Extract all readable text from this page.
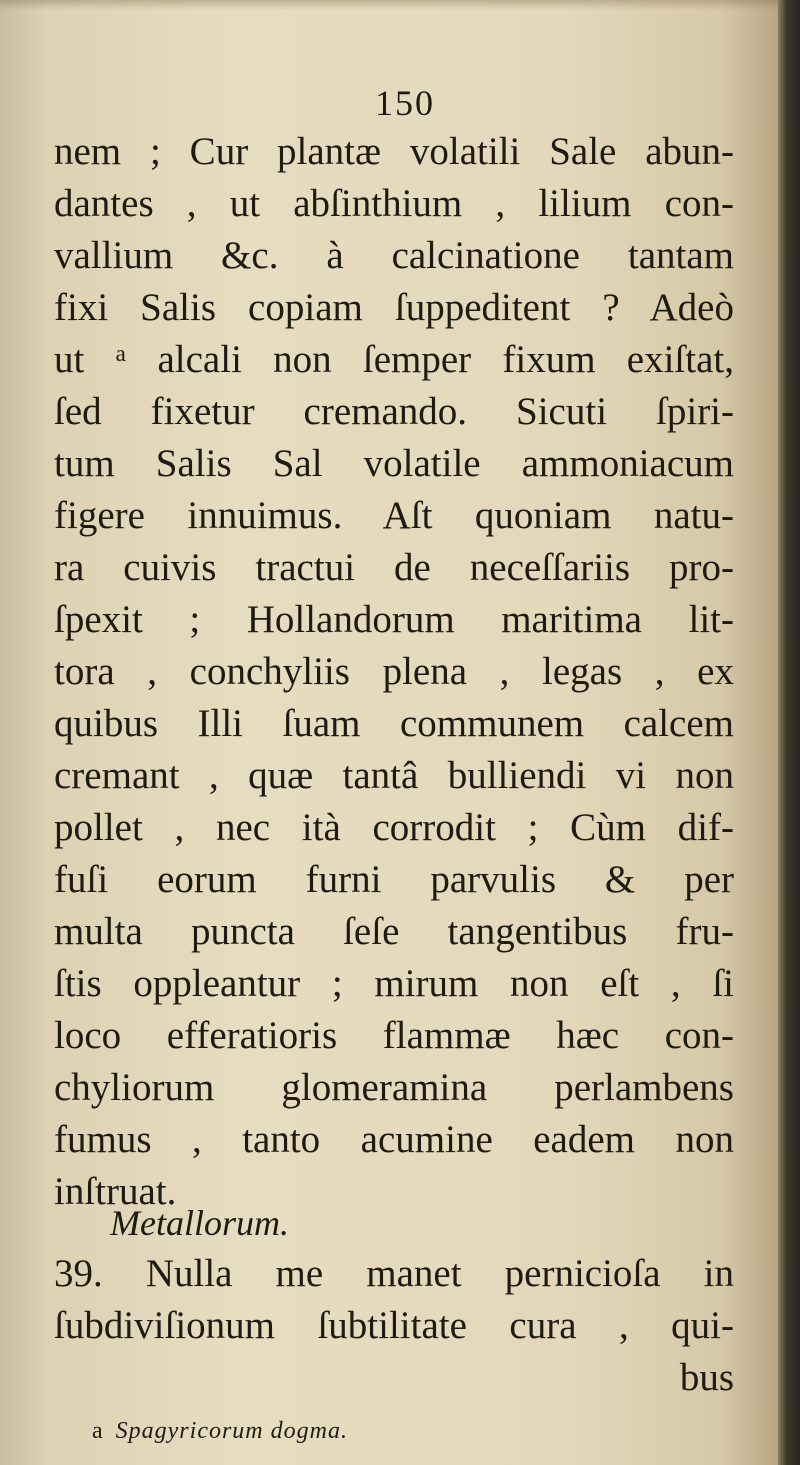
150
nem ; Cur plantæ volatili Sale abun-
dantes , ut abſinthium , lilium con-
vallium &c. à calcinatione tantam
fixi Salis copiam ſuppeditent ? Adeò
ut ᵃ alcali non ſemper fixum exiſtat,
ſed fixetur cremando. Sicuti ſpiri-
tum Salis Sal volatile ammoniacum
figere innuimus. Aſt quoniam natu-
ra cuivis tractui de neceſſariis pro-
ſpexit ; Hollandorum maritima lit-
tora , conchyliis plena , legas , ex
quibus Illi ſuam communem calcem
cremant , quæ tantâ bulliendi vi non
pollet , nec ità corrodit ; Cùm dif-
fuſi eorum furni parvulis & per
multa puncta ſeſe tangentibus fru-
ſtis oppleantur ; mirum non eſt , ſi
loco efferatioris flammæ hæc con-
chyliorum glomeramina perlambens
fumus , tanto acumine eadem non
inſtruat.
Metallorum.
39. Nulla me manet pernicioſa in
ſubdiviſionum ſubtilitate cura , qui-
bus
a Spagyricorum dogma.
